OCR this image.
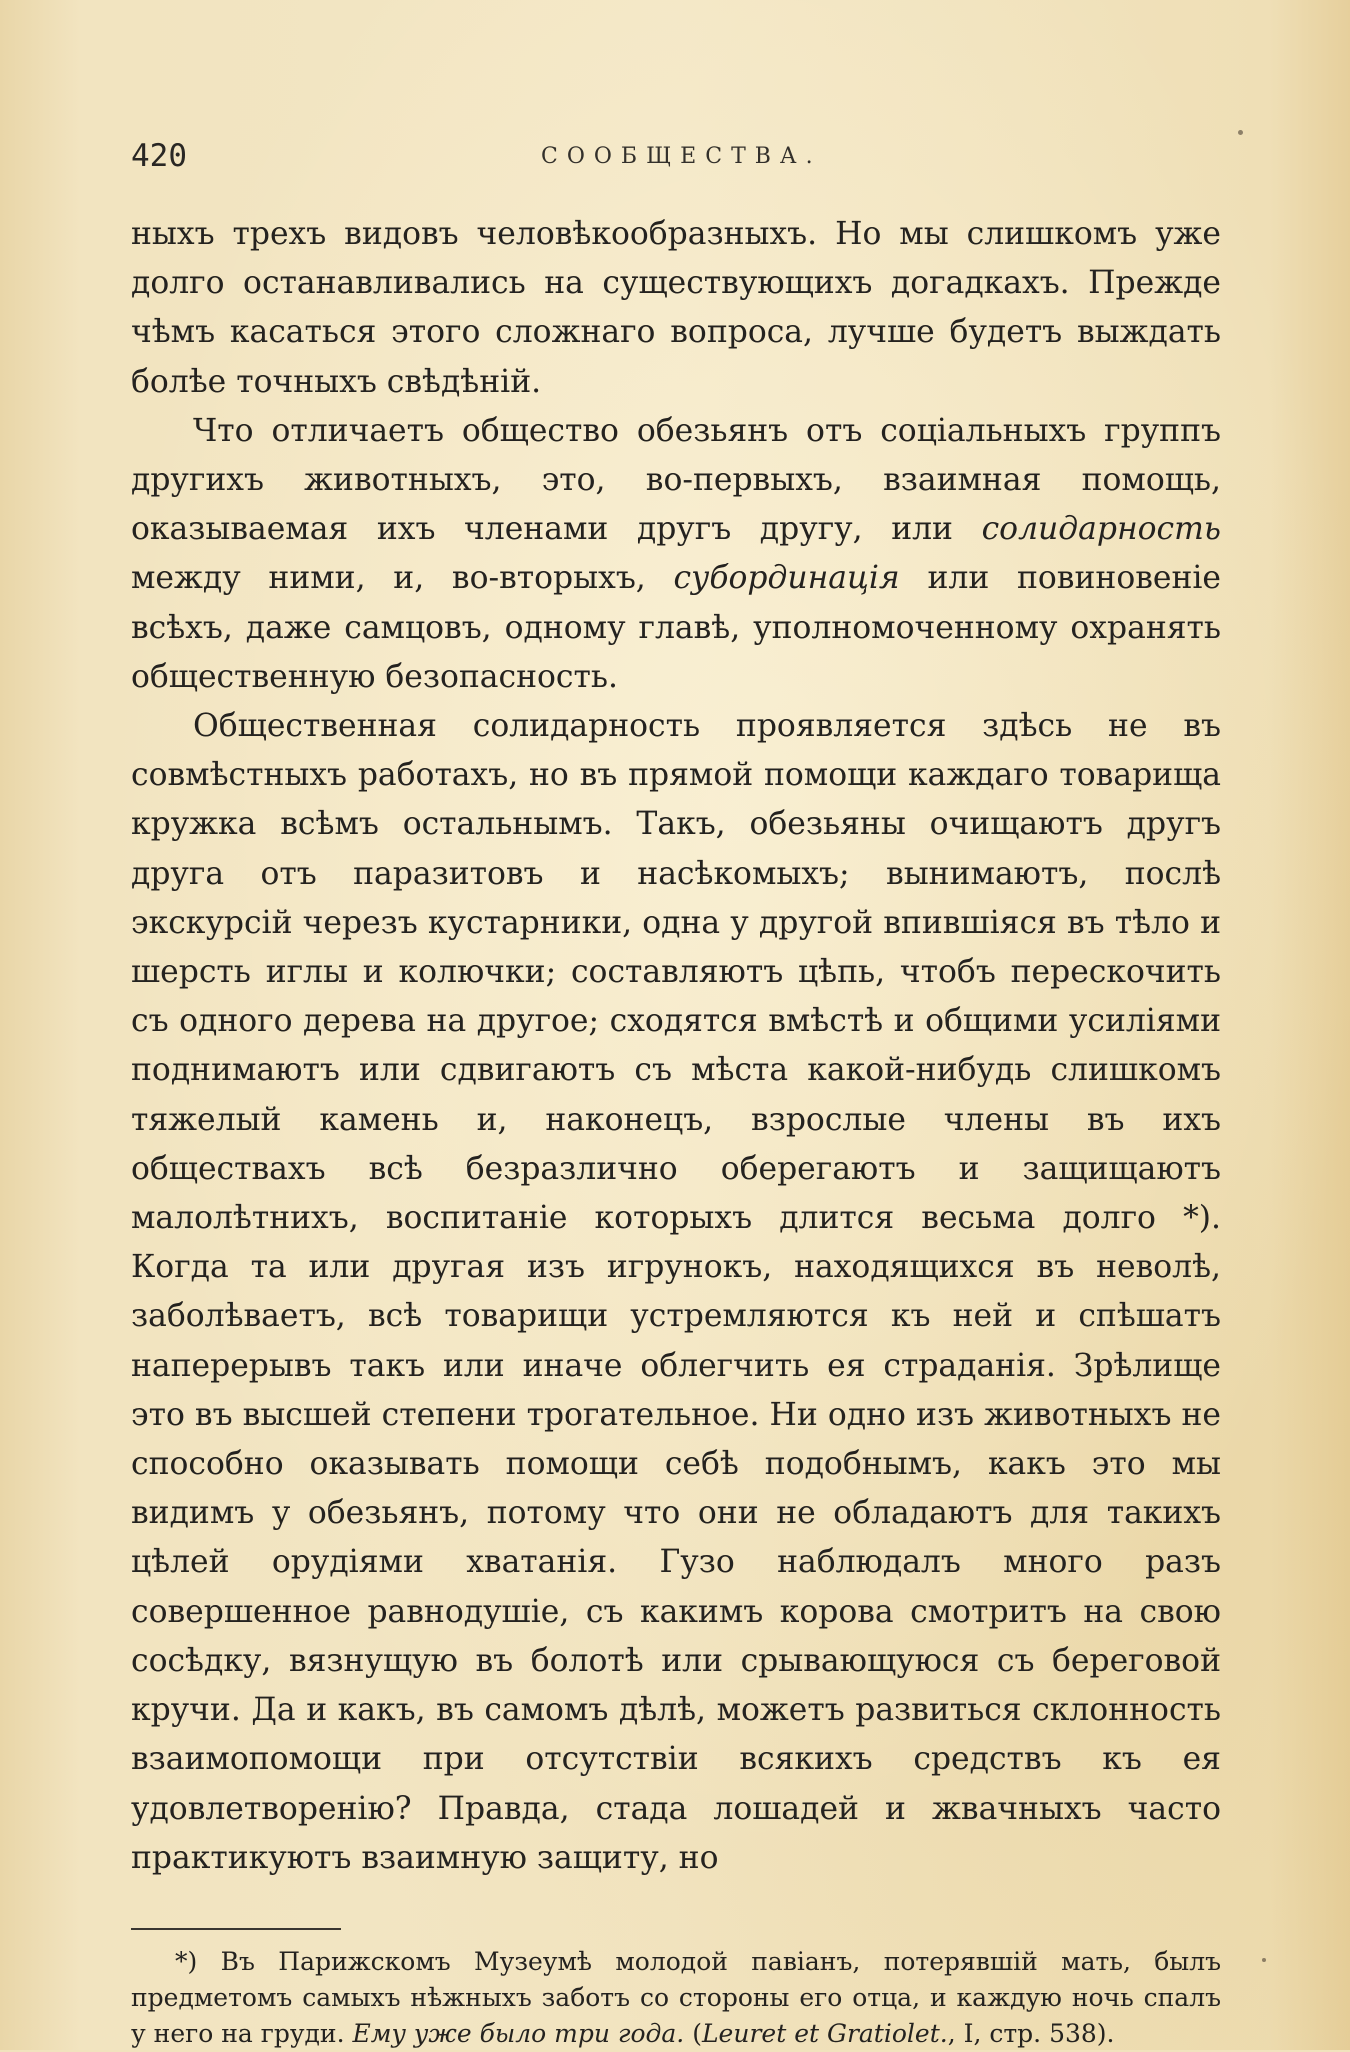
420	СООБЩЕСТВА.

ныхъ трехъ видовъ человѣкообразныхъ. Но мы слишкомъ уже долго останавливались на существующихъ догадкахъ. Прежде чѣмъ касаться этого сложнаго вопроса, лучше будетъ выждать болѣе точныхъ свѣдѣній.

Что отличаетъ общество обезьянъ отъ соціальныхъ группъ другихъ животныхъ, это, во-первыхъ, взаимная помощь, оказываемая ихъ членами другъ другу, или солидарность между ними, и, во-вторыхъ, субординація или повиновеніе всѣхъ, даже самцовъ, одному главѣ, уполномоченному охранять общественную безопасность.

Общественная солидарность проявляется здѣсь не въ совмѣстныхъ работахъ, но въ прямой помощи каждаго товарища кружка всѣмъ остальнымъ. Такъ, обезьяны очищаютъ другъ друга отъ паразитовъ и насѣкомыхъ; вынимаютъ, послѣ экскурсій черезъ кустарники, одна у другой впившіяся въ тѣло и шерсть иглы и колючки; составляютъ цѣпь, чтобъ перескочить съ одного дерева на другое; сходятся вмѣстѣ и общими усиліями поднимаютъ или сдвигаютъ съ мѣста какой-нибудь слишкомъ тяжелый камень и, наконецъ, взрослые члены въ ихъ обществахъ всѣ безразлично оберегаютъ и защищаютъ малолѣтнихъ, воспитаніе которыхъ длится весьма долго *). Когда та или другая изъ игрунокъ, находящихся въ неволѣ, заболѣваетъ, всѣ товарищи устремляются къ ней и спѣшатъ наперерывъ такъ или иначе облегчить ея страданія. Зрѣлище это въ высшей степени трогательное. Ни одно изъ животныхъ не способно оказывать помощи себѣ подобнымъ, какъ это мы видимъ у обезьянъ, потому что они не обладаютъ для такихъ цѣлей орудіями хватанія. Гузо наблюдалъ много разъ совершенное равнодушіе, съ какимъ корова смотритъ на свою сосѣдку, вязнущую въ болотѣ или срывающуюся съ береговой кручи. Да и какъ, въ самомъ дѣлѣ, можетъ развиться склонность взаимопомощи при отсутствіи всякихъ средствъ къ ея удовлетворенію? Правда, стада лошадей и жвачныхъ часто практикуютъ взаимную защиту, но

*) Въ Парижскомъ Музеумѣ молодой павіанъ, потерявшій мать, былъ предметомъ самыхъ нѣжныхъ заботъ со стороны его отца, и каждую ночь спалъ у него на груди. Ему уже было три года. (Leuret et Gratiolet., I, стр. 538).
